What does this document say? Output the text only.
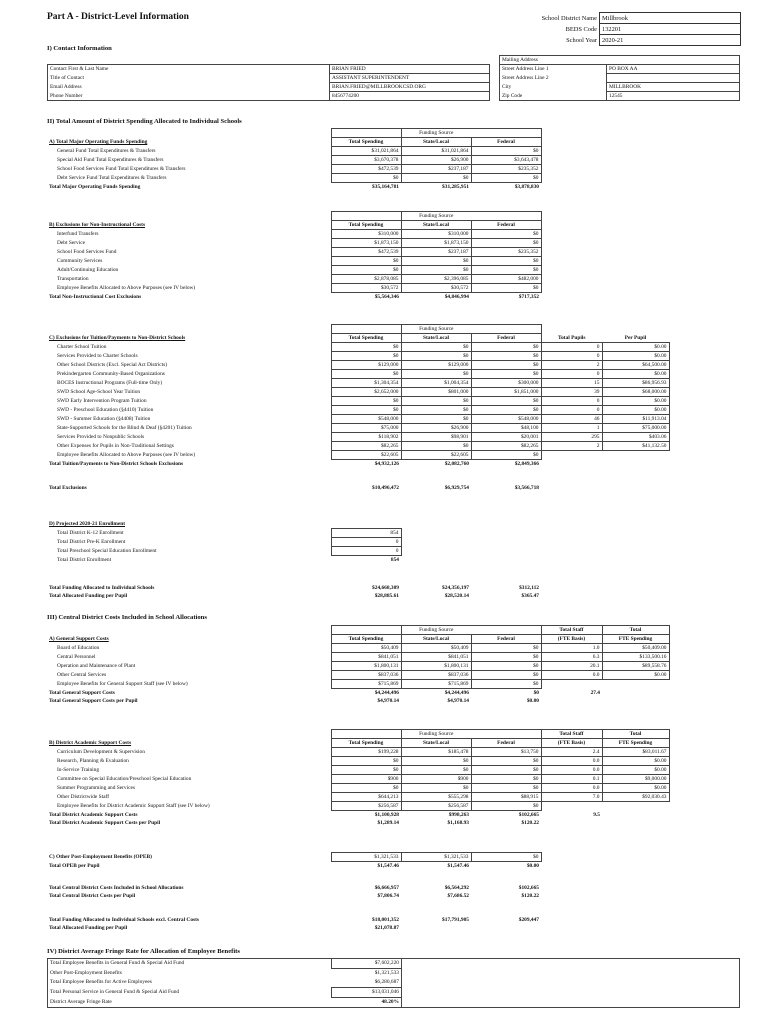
Part A - District-Level Information	School District Name	Millbrook
BEDS Code	132201
School Year	2020-21
I) Contact Information
			Mailing Address	
Contact First & Last Name	BRIAN FRIED		Street Address Line 1	PO BOX AA
Title of Contact	ASSISTANT SUPERINTENDENT		Street Address Line 2	
Email Address	BRIAN.FRIED@MILLBROOKCSD.ORG		City	MILLBROOK
Phone Number	8456774200		Zip Code	12545
II) Total Amount of District Spending Allocated to Individual Schools
		Funding Source	
A) Total Major Operating Funds Spending	Total Spending	State/Local	Federal
General Fund Total Expenditures & Transfers	$31,021,864	$31,021,864	$0
Special Aid Fund Total Expenditures & Transfers	$3,670,378	$26,900	$3,643,478
School Food Services Fund Total Expenditures & Transfers	$472,539	$237,187	$235,352
Debt Service Fund Total Expenditures & Transfers	$0	$0	$0
Total Major Operating Funds Spending	$35,164,781	$31,285,951	$3,878,830
		Funding Source	
B) Exclusions for Non-Instructional Costs	Total Spending	State/Local	Federal
Interfund Transfers	$310,000	$310,000	$0
Debt Service	$1,873,150	$1,873,150	$0
School Food Services Fund	$472,539	$237,187	$235,352
Community Services	$0	$0	$0
Adult/Continuing Education	$0	$0	$0
Transportation	$2,878,085	$2,396,085	$482,000
Employee Benefits Allocated to Above Purposes (see IV below)	$30,572	$30,572	$0
Total Non-Instructional Cost Exclusions	$5,564,346	$4,846,994	$717,352
		Funding Source			
C) Exclusions for Tuition/Payments to Non-District Schools	Total Spending	State/Local	Federal	Total Pupils	Per Pupil
Charter School Tuition	$0	$0	$0	0	$0.00
Services Provided to Charter Schools	$0	$0	$0	0	$0.00
Other School Districts (Excl. Special Act Districts)	$129,000	$129,000	$0	2	$64,500.00
Prekindergarten Community-Based Organizations	$0	$0	$0	0	$0.00
BOCES Instructional Programs (Full-time Only)	$1,304,354	$1,004,354	$300,000	15	$86,956.93
SWD School Age-School Year Tuition	$2,652,000	$801,000	$1,851,000	39	$68,000.00
SWD Early Intervention Program Tuition	$0	$0	$0	0	$0.00
SWD - Preschool Education (§4410) Tuition	$0	$0	$0	0	$0.00
SWD - Summer Education (§4408) Tuition	$548,000	$0	$548,000	46	$11,913.04
State-Supported Schools for the Blind & Deaf (§4201) Tuition	$75,000	$26,900	$48,100	1	$75,000.00
Services Provided to Nonpublic Schools	$118,902	$98,901	$20,001	295	$403.06
Other Expenses for Pupils in Non-Traditional Settings	$82,265	$0	$82,265	2	$41,132.50
Employee Benefits Allocated to Above Purposes (see IV below)	$22,605	$22,605	$0		
Total Tuition/Payments to Non-District Schools Exclusions	$4,932,126	$2,082,760	$2,849,366		

Total Exclusions	$10,496,472	$6,929,754	$3,566,718		
D) Projected 2020-21 Enrollment	
Total District K-12 Enrollment	854
Total District Pre-K Enrollment	0
Total Preschool Special Education Enrollment	0
Total District Enrollment	854
Total Funding Allocated to Individual Schools	$24,668,309	$24,356,197	$312,112
Total Allocated Funding per Pupil	$28,885.61	$28,520.14	$365.47
III) Central District Costs Included in School Allocations
		Funding Source		Total Staff	Total
A) General Support Costs	Total Spending	State/Local	Federal	(FTE Basis)	FTE Spending
Board of Education	$50,409	$50,409	$0	1.0	$50,409.00
Central Personnel	$841,051	$841,051	$0	6.3	$133,500.16
Operation and Maintenance of Plant	$1,800,131	$1,800,131	$0	20.1	$89,558.76
Other Central Services	$837,036	$837,036	$0	0.0	$0.00
Employee Benefits for General Support Staff (see IV below)	$715,869	$715,869	$0		
Total General Support Costs	$4,244,496	$4,244,496	$0	27.4	
Total General Support Costs per Pupil	$4,970.14	$4,970.14	$0.00		
		Funding Source		Total Staff	Total
B) District Academic Support Costs	Total Spending	State/Local	Federal	(FTE Basis)	FTE Spending
Curriculum Development & Supervision	$199,228	$185,478	$13,750	2.4	$83,011.67
Research, Planning & Evaluation	$0	$0	$0	0.0	$0.00
In-Service Training	$0	$0	$0	0.0	$0.00
Committee on Special Education/Preschool Special Education	$900	$900	$0	0.1	$9,000.00
Summer Programming and Services	$0	$0	$0	0.0	$0.00
Other Districtwide Staff	$644,213	$555,298	$88,915	7.0	$92,030.43
Employee Benefits for District Academic Support Staff (see IV below)	$256,587	$256,587	$0		
Total District Academic Support Costs	$1,100,928	$998,263	$102,665	9.5	
Total District Academic Support Costs per Pupil	$1,289.14	$1,168.93	$120.22		
C) Other Post-Employment Benefits (OPEB)	$1,321,533	$1,321,533	$0
Total OPEB per Pupil	$1,547.46	$1,547.46	$0.00
Total Central District Costs Included in School Allocations	$6,666,957	$6,564,292	$102,665
Total Central District Costs per Pupil	$7,806.74	$7,686.52	$120.22
Total Funding Allocated to Individual Schools excl. Central Costs	$18,001,352	$17,791,905	$209,447
Total Allocated Funding per Pupil	$21,078.87		
IV) District Average Fringe Rate for Allocation of Employee Benefits
Total Employee Benefits in General Fund & Special Aid Fund	$7,602,220		
Other Post-Employment Benefits	$1,321,533		
Total Employee Benefits for Active Employees	$6,280,687		
Total Personal Service in General Fund & Special Aid Fund	$13,031,046		
District Average Fringe Rate	48.20%		
